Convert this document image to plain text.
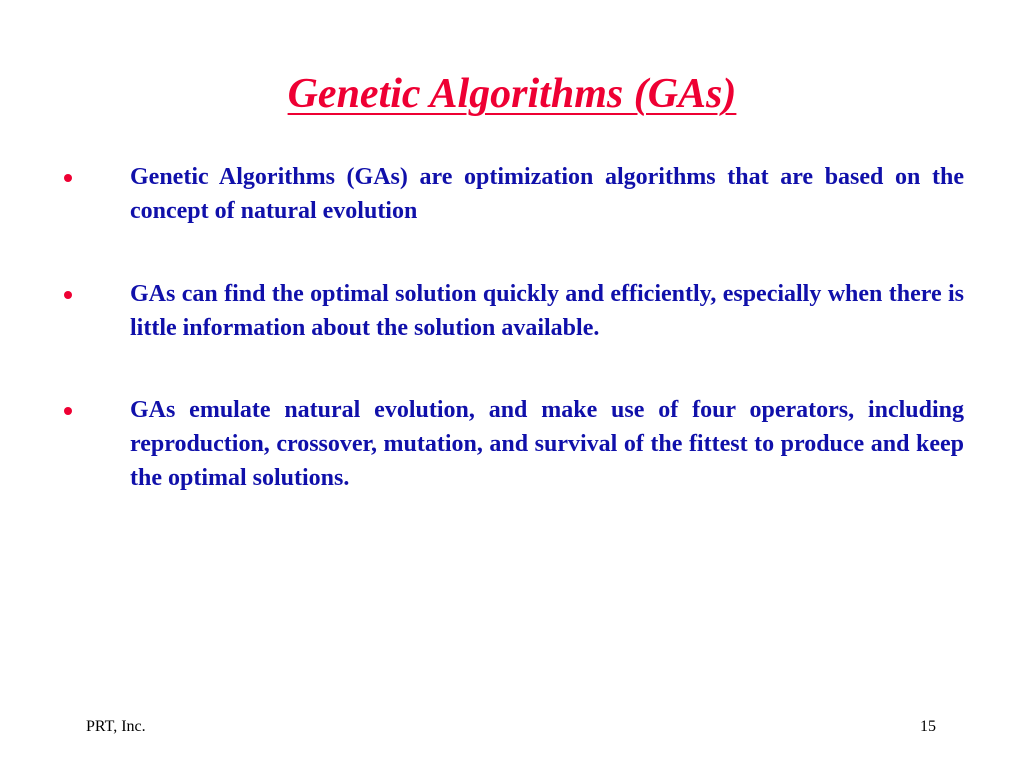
Genetic Algorithms (GAs)
Genetic Algorithms (GAs) are optimization algorithms that are based on the concept of natural evolution
GAs can find the optimal solution quickly and efficiently, especially when there is little information about the solution available.
GAs emulate natural evolution, and make use of four operators, including reproduction, crossover, mutation, and survival of the fittest to produce and keep the optimal solutions.
PRT, Inc.	15
